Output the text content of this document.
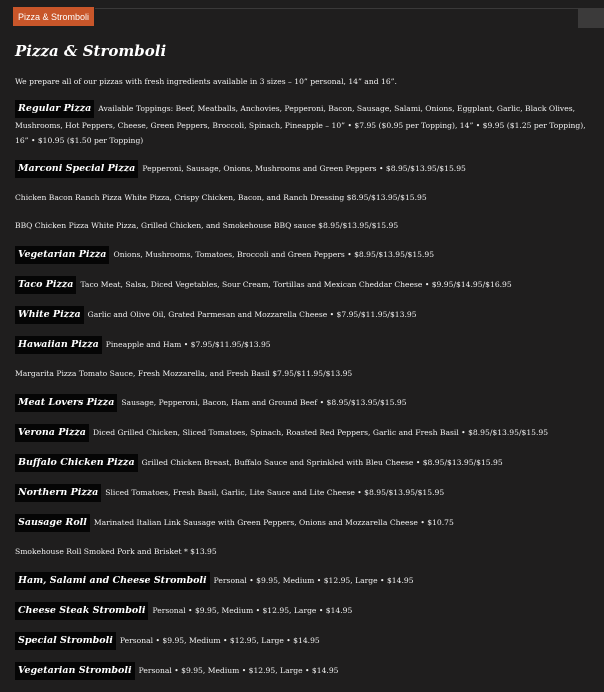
Pizza & Stromboli
Pizza & Stromboli
We prepare all of our pizzas with fresh ingredients available in 3 sizes – 10” personal, 14” and 16”.
Regular Pizza Available Toppings: Beef, Meatballs, Anchovies, Pepperoni, Bacon, Sausage, Salami, Onions, Eggplant, Garlic, Black Olives, Mushrooms, Hot Peppers, Cheese, Green Peppers, Broccoli, Spinach, Pineapple – 10” • $7.95 ($0.95 per Topping), 14” • $9.95 ($1.25 per Topping), 16” • $10.95 ($1.50 per Topping)
Marconi Special Pizza Pepperoni, Sausage, Onions, Mushrooms and Green Peppers • $8.95/$13.95/$15.95
Chicken Bacon Ranch Pizza White Pizza, Crispy Chicken, Bacon, and Ranch Dressing $8.95/$13.95/$15.95
BBQ Chicken Pizza White Pizza, Grilled Chicken, and Smokehouse BBQ sauce $8.95/$13.95/$15.95
Vegetarian Pizza Onions, Mushrooms, Tomatoes, Broccoli and Green Peppers • $8.95/$13.95/$15.95
Taco Pizza Taco Meat, Salsa, Diced Vegetables, Sour Cream, Tortillas and Mexican Cheddar Cheese • $9.95/$14.95/$16.95
White Pizza Garlic and Olive Oil, Grated Parmesan and Mozzarella Cheese • $7.95/$11.95/$13.95
Hawaiian Pizza Pineapple and Ham • $7.95/$11.95/$13.95
Margarita Pizza Tomato Sauce, Fresh Mozzarella, and Fresh Basil $7.95/$11.95/$13.95
Meat Lovers Pizza Sausage, Pepperoni, Bacon, Ham and Ground Beef • $8.95/$13.95/$15.95
Verona Pizza Diced Grilled Chicken, Sliced Tomatoes, Spinach, Roasted Red Peppers, Garlic and Fresh Basil • $8.95/$13.95/$15.95
Buffalo Chicken Pizza Grilled Chicken Breast, Buffalo Sauce and Sprinkled with Bleu Cheese • $8.95/$13.95/$15.95
Northern Pizza Sliced Tomatoes, Fresh Basil, Garlic, Lite Sauce and Lite Cheese • $8.95/$13.95/$15.95
Sausage Roll Marinated Italian Link Sausage with Green Peppers, Onions and Mozzarella Cheese • $10.75
Smokehouse Roll Smoked Pork and Brisket * $13.95
Ham, Salami and Cheese Stromboli Personal • $9.95, Medium • $12.95, Large • $14.95
Cheese Steak Stromboli Personal • $9.95, Medium • $12.95, Large • $14.95
Special Stromboli Personal • $9.95, Medium • $12.95, Large • $14.95
Vegetarian Stromboli Personal • $9.95, Medium • $12.95, Large • $14.95
